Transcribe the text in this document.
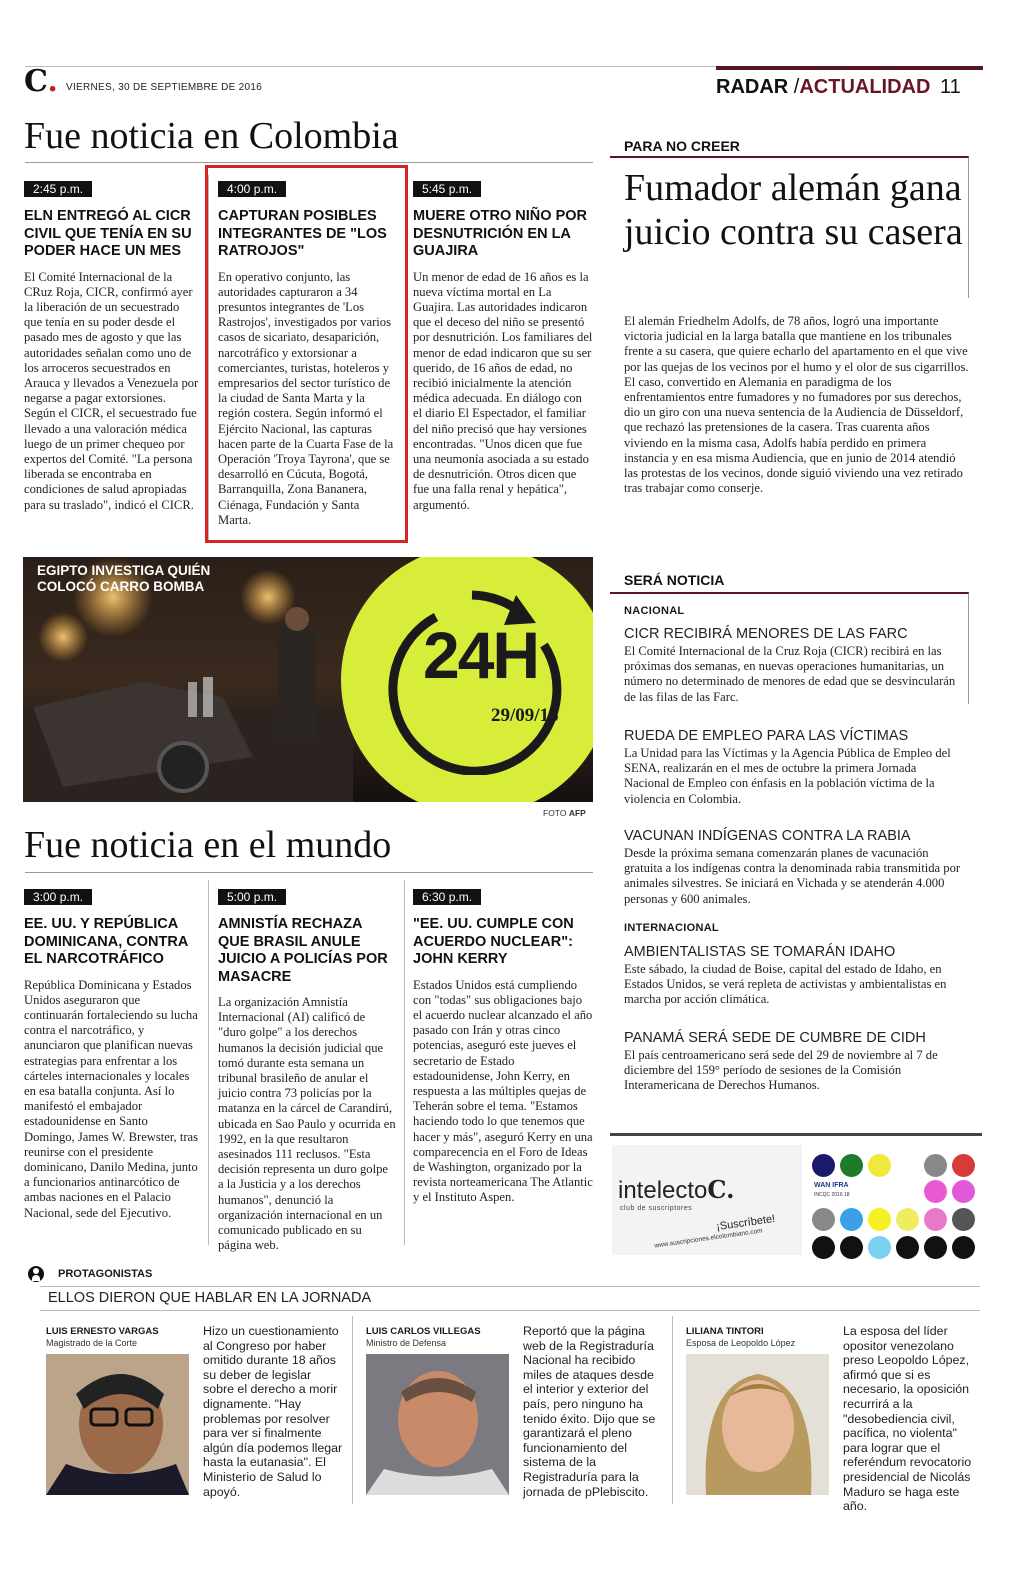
C. VIERNES, 30 DE SEPTIEMBRE DE 2016	RADAR /ACTUALIDAD 11
Fue noticia en Colombia
2:45 p.m.
ELN ENTREGÓ AL CICR CIVIL QUE TENÍA EN SU PODER HACE UN MES
El Comité Internacional de la CRuz Roja, CICR, confirmó ayer la liberación de un secuestrado que tenía en su poder desde el pasado mes de agosto y que las autoridades señalan como uno de los arroceros secuestrados en Arauca y llevados a Venezuela por negarse a pagar extorsiones. Según el CICR, el secuestrado fue llevado a una valoración médica luego de un primer chequeo por expertos del Comité. "La persona liberada se encontraba en condiciones de salud apropiadas para su traslado", indicó el CICR.
4:00 p.m.
CAPTURAN POSIBLES INTEGRANTES DE "LOS RATROJOS"
En operativo conjunto, las autoridades capturaron a 34 presuntos integrantes de 'Los Rastrojos', investigados por varios casos de sicariato, desaparición, narcotráfico y extorsionar a comerciantes, turistas, hoteleros y empresarios del sector turístico de la ciudad de Santa Marta y la región costera. Según informó el Ejército Nacional, las capturas hacen parte de la Cuarta Fase de la Operación 'Troya Tayrona', que se desarrolló en Cúcuta, Bogotá, Barranquilla, Zona Bananera, Ciénaga, Fundación y Santa Marta.
5:45 p.m.
MUERE OTRO NIÑO POR DESNUTRICIÓN EN LA GUAJIRA
Un menor de edad de 16 años es la nueva víctima mortal en La Guajira. Las autoridades indicaron que el deceso del niño se presentó por desnutrición. Los familiares del menor de edad indicaron que su ser querido, de 16 años de edad, no recibió inicialmente la atención médica adecuada. En diálogo con el diario El Espectador, el familiar del niño precisó que hay versiones encontradas. "Unos dicen que fue una neumonía asociada a su estado de desnutrición. Otros dicen que fue una falla renal y hepática", argumentó.
EGIPTO INVESTIGA QUIÉN COLOCÓ CARRO BOMBA
24H
29/09/16
FOTO AFP
Fue noticia en el mundo
3:00 p.m.
EE. UU. Y REPÚBLICA DOMINICANA, CONTRA EL NARCOTRÁFICO
República Dominicana y Estados Unidos aseguraron que continuarán fortaleciendo su lucha contra el narcotráfico, y anunciaron que planifican nuevas estrategias para enfrentar a los cárteles internacionales y locales en esa batalla conjunta. Así lo manifestó el embajador estadounidense en Santo Domingo, James W. Brewster, tras reunirse con el presidente dominicano, Danilo Medina, junto a funcionarios antinarcótico de ambas naciones en el Palacio Nacional, sede del Ejecutivo.
5:00 p.m.
AMNISTÍA RECHAZA QUE BRASIL ANULE JUICIO A POLICÍAS POR MASACRE
La organización Amnistía Internacional (AI) calificó de "duro golpe" a los derechos humanos la decisión judicial que tomó durante esta semana un tribunal brasileño de anular el juicio contra 73 policías por la matanza en la cárcel de Carandirú, ubicada en Sao Paulo y ocurrida en 1992, en la que resultaron asesinados 111 reclusos. "Esta decisión representa un duro golpe a la Justicia y a los derechos humanos", denunció la organización internacional en un comunicado publicado en su página web.
6:30 p.m.
"EE. UU. CUMPLE CON ACUERDO NUCLEAR": JOHN KERRY
Estados Unidos está cumpliendo con "todas" sus obligaciones bajo el acuerdo nuclear alcanzado el año pasado con Irán y otras cinco potencias, aseguró este jueves el secretario de Estado estadounidense, John Kerry, en respuesta a las múltiples quejas de Teherán sobre el tema. "Estamos haciendo todo lo que tenemos que hacer y más", aseguró Kerry en una comparecencia en el Foro de Ideas de Washington, organizado por la revista norteamericana The Atlantic y el Instituto Aspen.
PARA NO CREER
Fumador alemán gana juicio contra su casera
El alemán Friedhelm Adolfs, de 78 años, logró una importante victoria judicial en la larga batalla que mantiene en los tribunales frente a su casera, que quiere echarlo del apartamento en el que vive por las quejas de los vecinos por el humo y el olor de sus cigarrillos. El caso, convertido en Alemania en paradigma de los enfrentamientos entre fumadores y no fumadores por sus derechos, dio un giro con una nueva sentencia de la Audiencia de Düsseldorf, que rechazó las pretensiones de la casera. Tras cuarenta años viviendo en la misma casa, Adolfs había perdido en primera instancia y en esa misma Audiencia, que en junio de 2014 atendió las protestas de los vecinos, donde siguió viviendo una vez retirado tras trabajar como conserje.
SERÁ NOTICIA
NACIONAL
CICR RECIBIRÁ MENORES DE LAS FARC
El Comité Internacional de la Cruz Roja (CICR) recibirá en las próximas dos semanas, en nuevas operaciones humanitarias, un número no determinado de menores de edad que se desvincularán de las filas de las Farc.
RUEDA DE EMPLEO PARA LAS VÍCTIMAS
La Unidad para las Víctimas y la Agencia Pública de Empleo del SENA, realizarán en el mes de octubre la primera Jornada Nacional de Empleo con énfasis en la población víctima de la violencia en Colombia.
VACUNAN INDÍGENAS CONTRA LA RABIA
Desde la próxima semana comenzarán planes de vacunación gratuita a los indígenas contra la denominada rabia transmitida por animales silvestres. Se iniciará en Vichada y se atenderán 4.000 personas y 600 animales.
INTERNACIONAL
AMBIENTALISTAS SE TOMARÁN IDAHO
Este sábado, la ciudad de Boise, capital del estado de Idaho, en Estados Unidos, se verá repleta de activistas y ambientalistas en marcha por acción climática.
PANAMÁ SERÁ SEDE DE CUMBRE DE CIDH
El país centroamericano será sede del 29 de noviembre al 7 de diciembre del 159° período de sesiones de la Comisión Interamericana de Derechos Humanos.
intelectoC.
club de suscriptores
¡Suscríbete!
www.suscripciones.elcolombiano.com
WAN IFRA
INCQC 2016 18
PROTAGONISTAS
ELLOS DIERON QUE HABLAR EN LA JORNADA
LUIS ERNESTO VARGAS
Magistrado de la Corte
Hizo un cuestionamiento al Congreso por haber omitido durante 18 años su deber de legislar sobre el derecho a morir dignamente. "Hay problemas por resolver para ver si finalmente algún día podemos llegar hasta la eutanasia". El Ministerio de Salud lo apoyó.
LUIS CARLOS VILLEGAS
Ministro de Defensa
Reportó que la página web de la Registraduría Nacional ha recibido miles de ataques desde el interior y exterior del país, pero ninguno ha tenido éxito. Dijo que se garantizará el pleno funcionamiento del sistema de la Registraduría para la jornada de pPlebiscito.
LILIANA TINTORI
Esposa de Leopoldo López
La esposa del líder opositor venezolano preso Leopoldo López, afirmó que si es necesario, la oposición recurrirá a la "desobediencia civil, pacífica, no violenta" para lograr que el referéndum revocatorio presidencial de Nicolás Maduro se haga este año.
